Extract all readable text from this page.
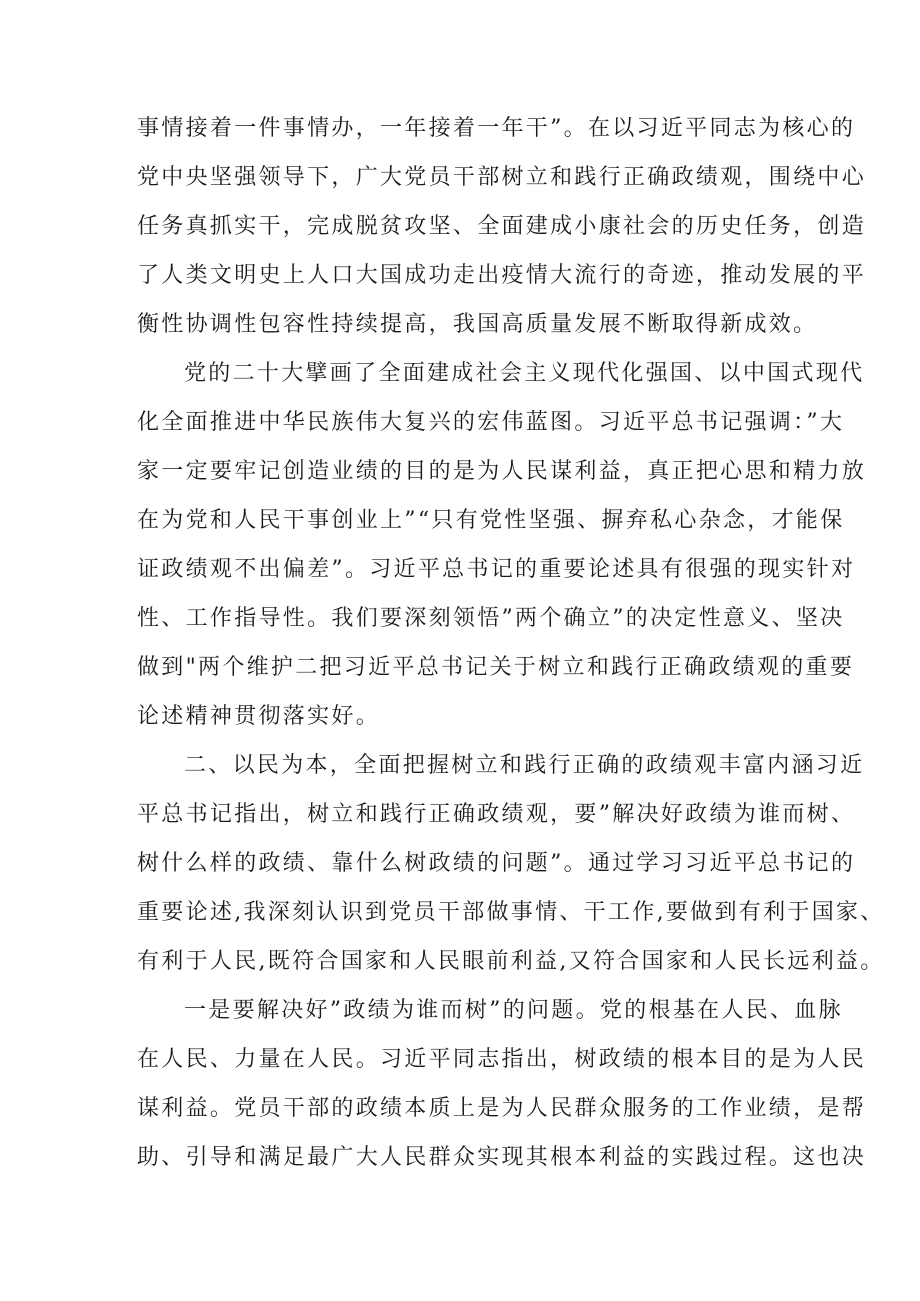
事情接着一件事情办，一年接着一年干”。在以习近平同志为核心的

党中央坚强领导下，广大党员干部树立和践行正确政绩观，围绕中心

任务真抓实干，完成脱贫攻坚、全面建成小康社会的历史任务，创造

了人类文明史上人口大国成功走出疫情大流行的奇迹，推动发展的平

衡性协调性包容性持续提高，我国高质量发展不断取得新成效。

党的二十大擘画了全面建成社会主义现代化强国、以中国式现代

化全面推进中华民族伟大复兴的宏伟蓝图。习近平总书记强调：”大

家一定要牢记创造业绩的目的是为人民谋利益，真正把心思和精力放

在为党和人民干事创业上”“只有党性坚强、摒弃私心杂念，才能保

证政绩观不出偏差”。习近平总书记的重要论述具有很强的现实针对

性、工作指导性。我们要深刻领悟”两个确立”的决定性意义、坚决

做到"两个维护二把习近平总书记关于树立和践行正确政绩观的重要

论述精神贯彻落实好。

二、以民为本，全面把握树立和践行正确的政绩观丰富内涵习近

平总书记指出，树立和践行正确政绩观，要”解决好政绩为谁而树、

树什么样的政绩、靠什么树政绩的问题”。通过学习习近平总书记的

重要论述,我深刻认识到党员干部做事情、干工作,要做到有利于国家、

有利于人民,既符合国家和人民眼前利益,又符合国家和人民长远利益。

一是要解决好”政绩为谁而树”的问题。党的根基在人民、血脉

在人民、力量在人民。习近平同志指出，树政绩的根本目的是为人民

谋利益。党员干部的政绩本质上是为人民群众服务的工作业绩，是帮

助、引导和满足最广大人民群众实现其根本利益的实践过程。这也决
